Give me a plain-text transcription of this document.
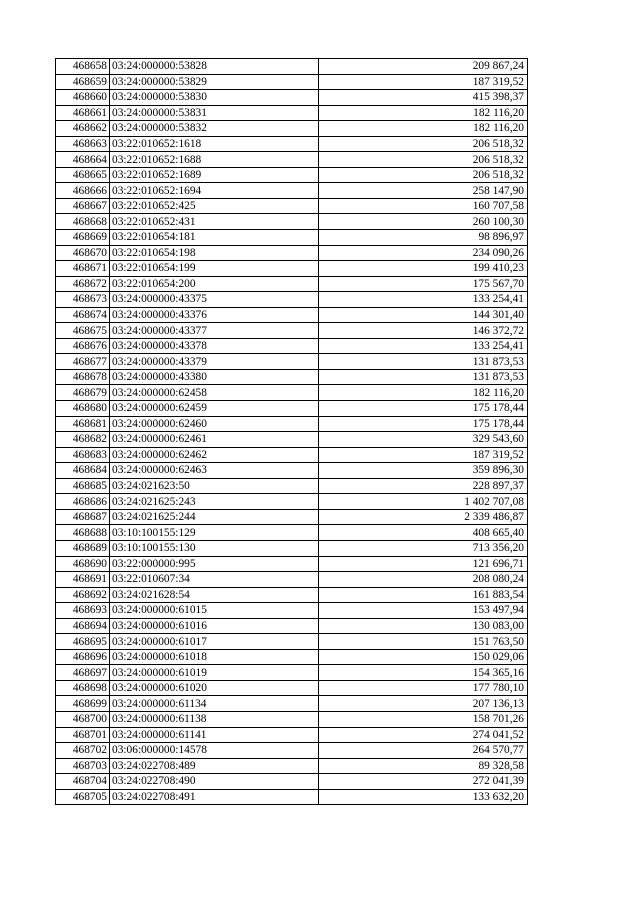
468658	03:24:000000:53828	209 867,24
468659	03:24:000000:53829	187 319,52
468660	03:24:000000:53830	415 398,37
468661	03:24:000000:53831	182 116,20
468662	03:24:000000:53832	182 116,20
468663	03:22:010652:1618	206 518,32
468664	03:22:010652:1688	206 518,32
468665	03:22:010652:1689	206 518,32
468666	03:22:010652:1694	258 147,90
468667	03:22:010652:425	160 707,58
468668	03:22:010652:431	260 100,30
468669	03:22:010654:181	98 896,97
468670	03:22:010654:198	234 090,26
468671	03:22:010654:199	199 410,23
468672	03:22:010654:200	175 567,70
468673	03:24:000000:43375	133 254,41
468674	03:24:000000:43376	144 301,40
468675	03:24:000000:43377	146 372,72
468676	03:24:000000:43378	133 254,41
468677	03:24:000000:43379	131 873,53
468678	03:24:000000:43380	131 873,53
468679	03:24:000000:62458	182 116,20
468680	03:24:000000:62459	175 178,44
468681	03:24:000000:62460	175 178,44
468682	03:24:000000:62461	329 543,60
468683	03:24:000000:62462	187 319,52
468684	03:24:000000:62463	359 896,30
468685	03:24:021623:50	228 897,37
468686	03:24:021625:243	1 402 707,08
468687	03:24:021625:244	2 339 486,87
468688	03:10:100155:129	408 665,40
468689	03:10:100155:130	713 356,20
468690	03:22:000000:995	121 696,71
468691	03:22:010607:34	208 080,24
468692	03:24:021628:54	161 883,54
468693	03:24:000000:61015	153 497,94
468694	03:24:000000:61016	130 083,00
468695	03:24:000000:61017	151 763,50
468696	03:24:000000:61018	150 029,06
468697	03:24:000000:61019	154 365,16
468698	03:24:000000:61020	177 780,10
468699	03:24:000000:61134	207 136,13
468700	03:24:000000:61138	158 701,26
468701	03:24:000000:61141	274 041,52
468702	03:06:000000:14578	264 570,77
468703	03:24:022708:489	89 328,58
468704	03:24:022708:490	272 041,39
468705	03:24:022708:491	133 632,20
